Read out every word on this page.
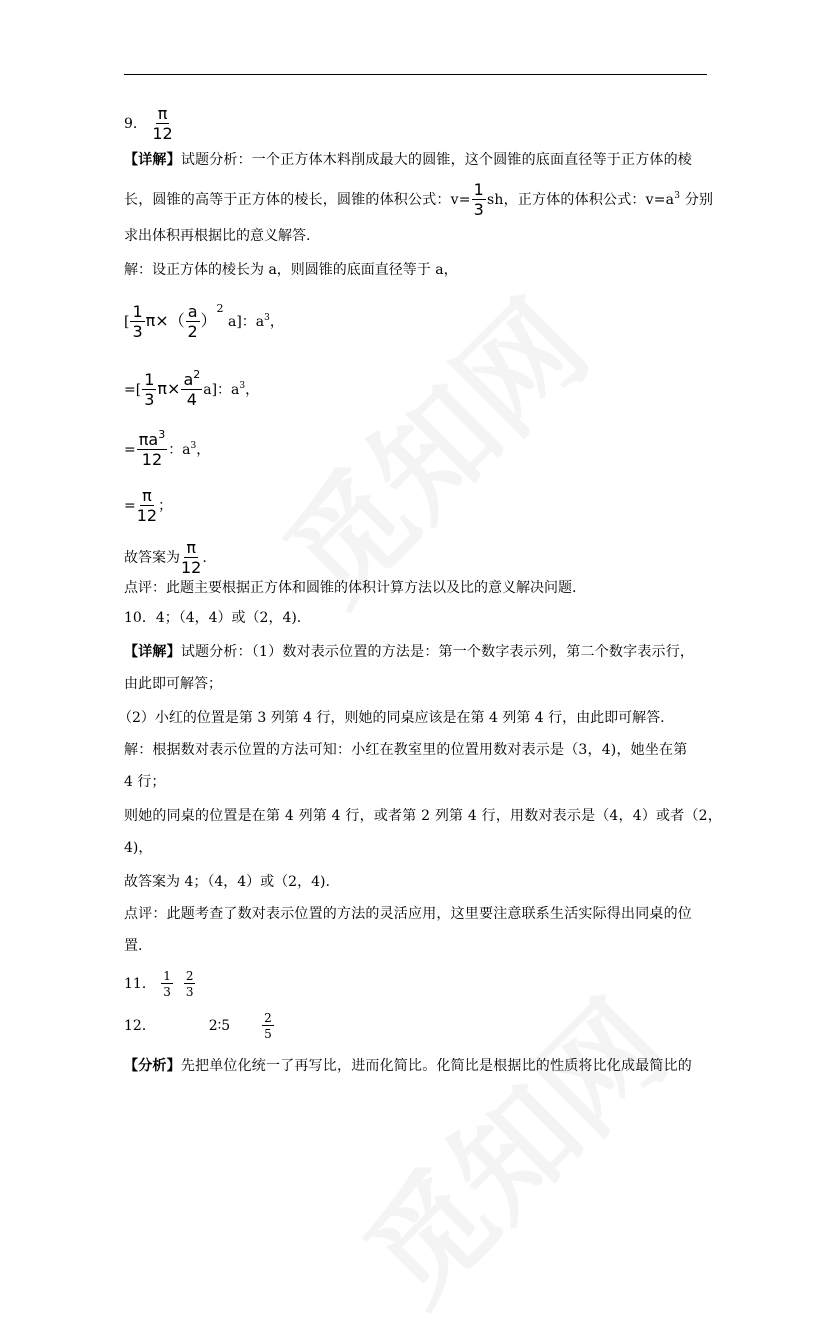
9． $\frac{\pi}{12}$
【详解】试题分析：一个正方体木料削成最大的圆锥，这个圆锥的底面直径等于正方体的棱
长，圆锥的高等于正方体的棱长，圆锥的体积公式：$v= \frac{1}{3}$ sh，正方体的体积公式：$v=a^3$ 分别
求出体积再根据比的意义解答.
解：设正方体的棱长为 a，则圆锥的底面直径等于 a，
[ $\frac{1}{3} \pi\times( \frac{a}{2} )^2$ a]：$a^3$，
=[ $\frac{1}{3} \pi\times \frac{a^2}{4} a$]：$a^3$，
= $\frac{\pi a^3}{12}$ ：$a^3$，
= $\frac{\pi}{12}$ ；
故答案为 $\frac{\pi}{12}$ .
点评：此题主要根据正方体和圆锥的体积计算方法以及比的意义解决问题.
10．4；（4，4）或（2，4).
【详解】试题分析：（1）数对表示位置的方法是：第一个数字表示列，第二个数字表示行，
由此即可解答；
（2）小红的位置是第 3 列第 4 行，则她的同桌应该是在第 4 列第 4 行，由此即可解答.
解：根据数对表示位置的方法可知：小红在教室里的位置用数对表示是（3，4)，她坐在第
4 行；
则她的同桌的位置是在第 4 列第 4 行，或者第 2 列第 4 行，用数对表示是（4，4）或者（2，
4)，
故答案为 4；（4，4）或（2，4).
点评：此题考查了数对表示位置的方法的灵活应用，这里要注意联系生活实际得出同桌的位
置.
11． $\frac{1}{3}$
$\frac{2}{3}$
12．	2∶5	$\frac{2}{5}$
【分析】先把单位化统一了再写比，进而化简比。化简比是根据比的性质将比化成最简比的
